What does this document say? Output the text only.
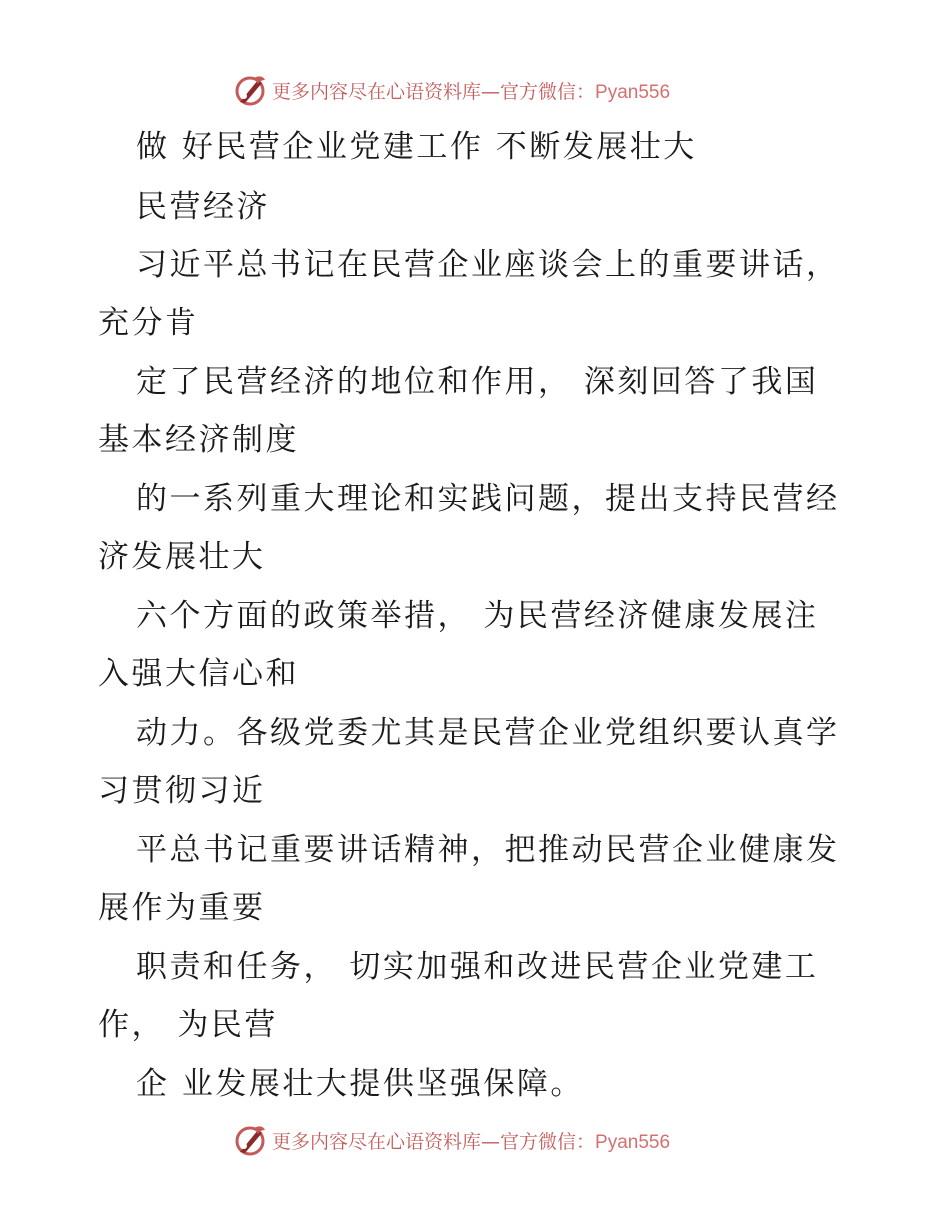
更多内容尽在心语资料库—官方微信：Pyan556
做 好民营企业党建工作 不断发展壮大
民营经济
习近平总书记在民营企业座谈会上的重要讲话，
充分肯
定了民营经济的地位和作用， 深刻回答了我国
基本经济制度
的一系列重大理论和实践问题，提出支持民营经
济发展壮大
六个方面的政策举措， 为民营经济健康发展注
入强大信心和
动力。各级党委尤其是民营企业党组织要认真学
习贯彻习近
平总书记重要讲话精神，把推动民营企业健康发
展作为重要
职责和任务， 切实加强和改进民营企业党建工
作， 为民营
企 业发展壮大提供坚强保障。
更多内容尽在心语资料库—官方微信：Pyan556
